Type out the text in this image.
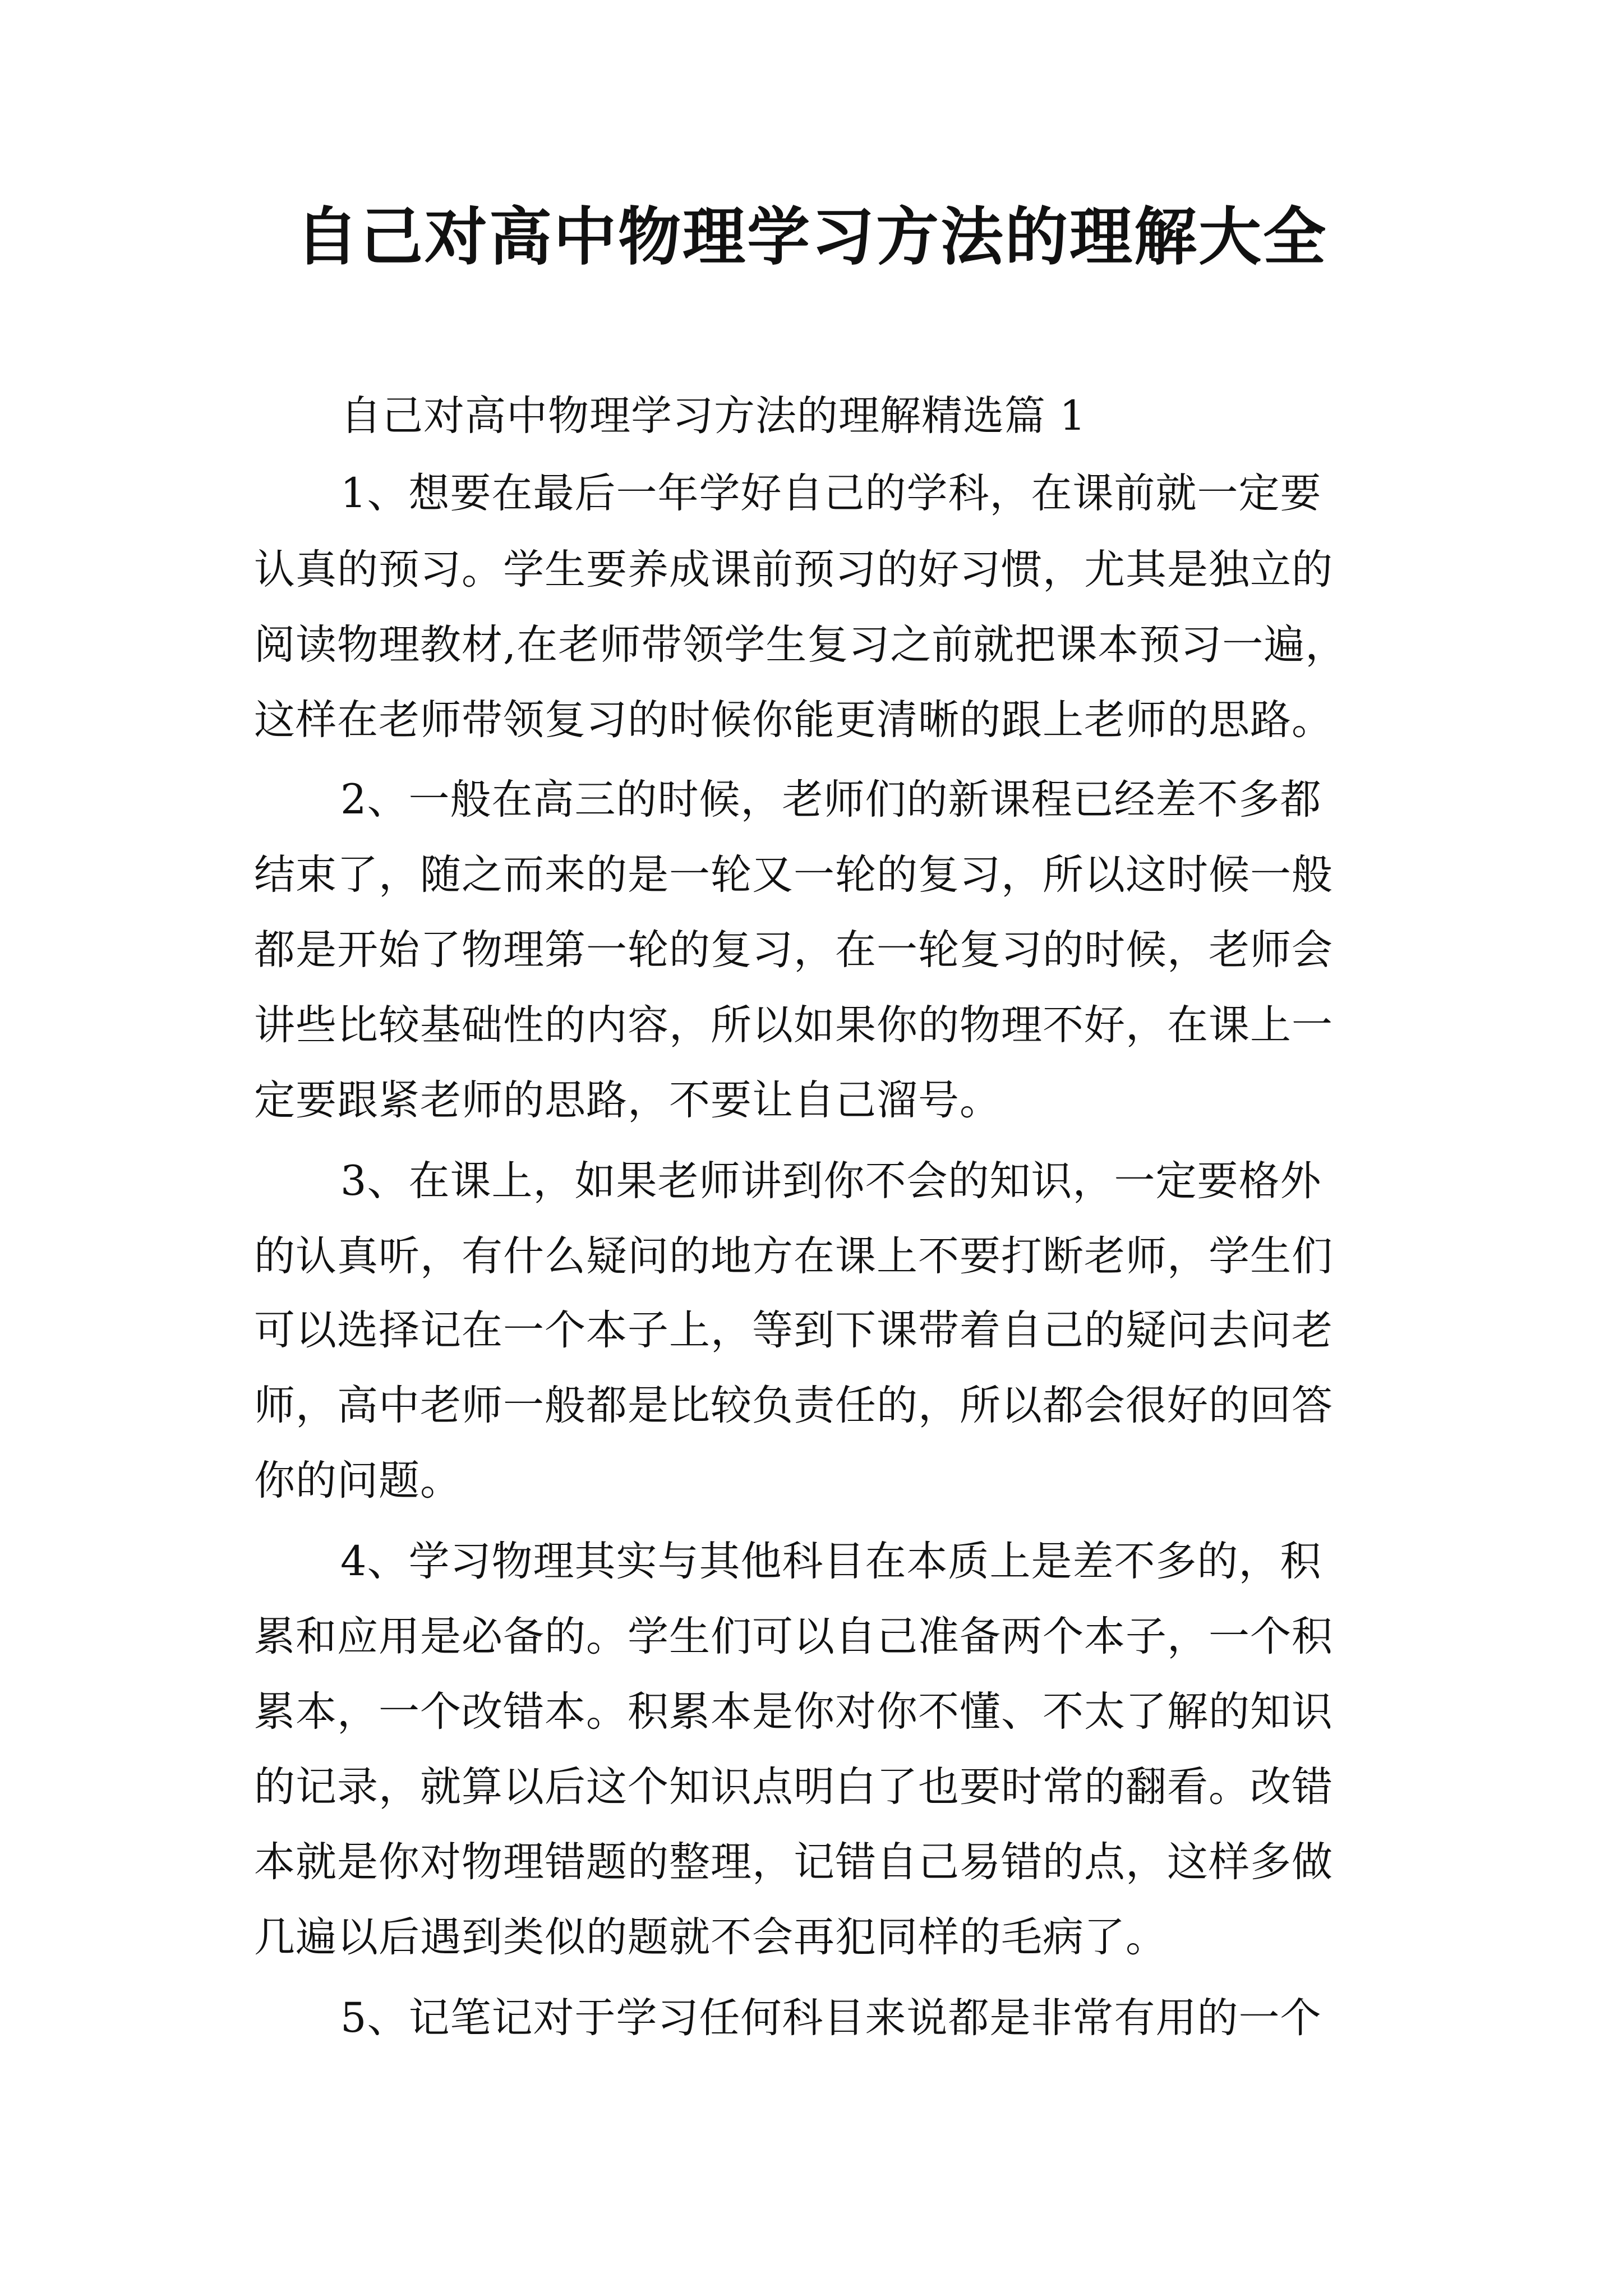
自己对高中物理学习方法的理解大全
自己对高中物理学习方法的理解精选篇 1
1、想要在最后一年学好自己的学科，在课前就一定要
认真的预习。学生要养成课前预习的好习惯，尤其是独立的
阅读物理教材,在老师带领学生复习之前就把课本预习一遍，
这样在老师带领复习的时候你能更清晰的跟上老师的思路。
2、一般在高三的时候，老师们的新课程已经差不多都
结束了，随之而来的是一轮又一轮的复习，所以这时候一般
都是开始了物理第一轮的复习，在一轮复习的时候，老师会
讲些比较基础性的内容，所以如果你的物理不好，在课上一
定要跟紧老师的思路，不要让自己溜号。
3、在课上，如果老师讲到你不会的知识，一定要格外
的认真听，有什么疑问的地方在课上不要打断老师，学生们
可以选择记在一个本子上，等到下课带着自己的疑问去问老
师，高中老师一般都是比较负责任的，所以都会很好的回答
你的问题。
4、学习物理其实与其他科目在本质上是差不多的，积
累和应用是必备的。学生们可以自己准备两个本子，一个积
累本，一个改错本。积累本是你对你不懂、不太了解的知识
的记录，就算以后这个知识点明白了也要时常的翻看。改错
本就是你对物理错题的整理，记错自己易错的点，这样多做
几遍以后遇到类似的题就不会再犯同样的毛病了。
5、记笔记对于学习任何科目来说都是非常有用的一个
